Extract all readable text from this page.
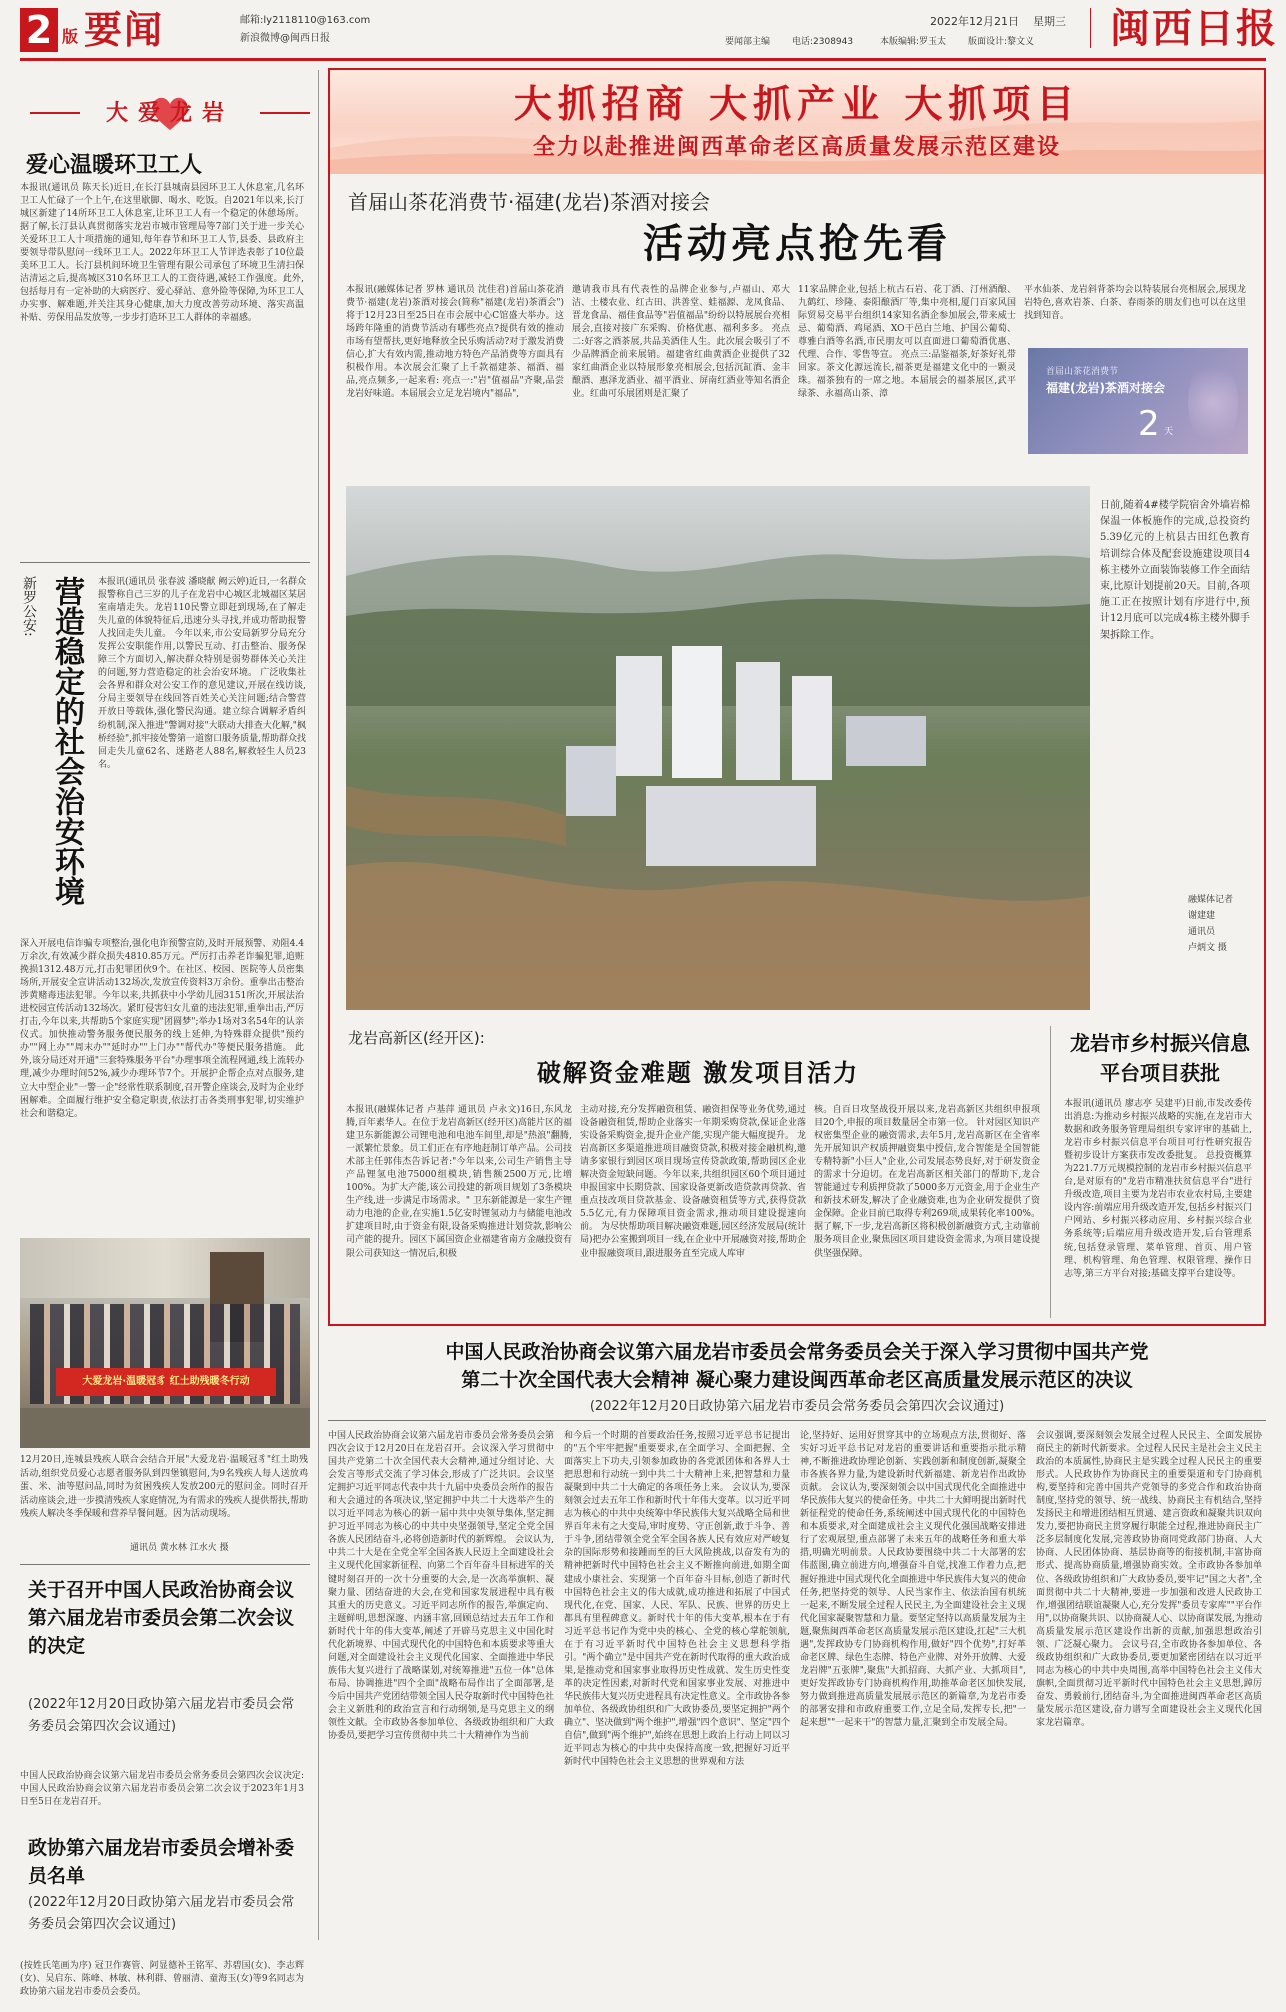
2 版 要闻	邮箱:ly2118110@163.com
新浪微博@闽西日报	要闻部主编 电话:2308943	本版编辑:罗玉太 版面设计:黎文义
2022年12月21日 星期三 闽西日报
大爱龙岩
爱心温暖环卫工人
本报讯(通讯员 陈天长)近日,在长汀县城南县园环卫工人休息室,几名环卫工人忙碌了一个上午,在这里歇脚、喝水、吃饭。自2021年以来,长汀城区新建了14所环卫工人休息室,让环卫工人有一个稳定的休憩场所。 据了解,长汀县认真贯彻落实龙岩市城市管理局等7部门关于进一步关心关爱环卫工人十项措施的通知,每年春节和环卫工人节,县委、县政府主要领导带队慰问一线环卫工人。2022年环卫工人节评选表彰了10位最美环卫工人。长汀县机间环境卫生管理有限公司承包了环境卫生清扫保洁清运之后,提高城区310名环卫工人的工资待遇,减轻工作强度。此外,包括每月有一定补助的大病医疗、爱心驿站、意外险等保障,为环卫工人办实事、解难题,并关注其身心健康,加大力度改善劳动环境、落实高温补贴、劳保用品发放等,一步步打造环卫工人群体的幸福感。
新罗公安: 营造稳定的社会治安环境	本报讯(通讯员 张春波 潘晓献 阙云婷)近日,一名群众报警称自己三岁的儿子在龙岩中心城区北城福区某居室南墙走失。龙岩110民警立即赶到现场,在了解走失儿童的体貌特征后,迅速分头寻找,并成功帮助报警人找回走失儿童。 今年以来,市公安局新罗分局充分发挥公安职能作用,以警民互动、打击整治、服务保障三个方面切入,解决群众特别是弱势群体关心关注的问题,努力营造稳定的社会治安环境。 广泛收集社会各界和群众对公安工作的意见建议,开展在线访谈,分局主要领导在线回答百姓关心关注问题;结合警营开放日等载体,强化警民沟通。建立综合调解矛盾纠纷机制,深入推进"警调对接"大联动大排查大化解,"枫桥经验",抓牢接处警第一道窗口服务质量,帮助群众找回走失儿童62名、迷路老人88名,解救轻生人员23名。
深入开展电信诈骗专项整治,强化电诈预警宣防,及时开展预警、劝阻4.4万余次,有效减少群众损失4810.85万元。严厉打击养老诈骗犯罪,追赃挽损1312.48万元,打击犯罪团伙9个。在社区、校园、医院等人员密集场所,开展安全宣讲活动132场次,发放宣传资料3万余份。重拳出击整治涉黄赌毒违法犯罪。今年以来,共抓获中小学幼儿园3151所次,开展法治进校园宣传活动132场次。紧盯侵害妇女儿童的违法犯罪,重拳出击,严厉打击,今年以来,共帮助5个家庭实现"团圆梦";举办1场对3名54年的认亲仪式。加快推动警务服务便民服务的线上延伸,为特殊群众提供"预约办""网上办""周末办""延时办""上门办""帮代办"等便民服务措施。 此外,该分局还对开通"三套特殊服务平台"办理事项全流程网通,线上流转办理,减少办理时间52%,减少办理环节7个。开展护企帮企点对点服务,建立大中型企业"一警一企"经常性联系制度,召开警企座谈会,及时为企业纾困解难。全面履行维护安全稳定职责,依法打击各类刑事犯罪,切实维护社会和谐稳定。
大爱龙岩·温暖冠豸 红土助残暖冬行动
12月20日,连城县残疾人联合会结合开展"大爱龙岩·温暖冠豸"红土助残活动,组织党员爱心志愿者服务队到四堡镇慰问,为9名残疾人每人送放鸡蛋、米、油等慰问品,同时为贫困残疾人发放200元的慰问金。同时召开活动座谈会,进一步摸清残疾人家庭情况,为有需求的残疾人提供帮扶,帮助残疾人解决冬季保暖和营养早餐问题。因为活动现场。
通讯员 黄水林 江水火 摄
关于召开中国人民政治协商会议第六届龙岩市委员会第二次会议的决定
(2022年12月20日政协第六届龙岩市委员会常务委员会第四次会议通过)
中国人民政治协商会议第六届龙岩市委员会常务委员会第四次会议决定:中国人民政治协商会议第六届龙岩市委员会第二次会议于2023年1月3日至5日在龙岩召开。
政协第六届龙岩市委员会增补委员名单
(2022年12月20日政协第六届龙岩市委员会常务委员会第四次会议通过)
(按姓氏笔画为序) 冠卫作赛管、阿显德补王铭军、苏碧国(女)、李志辉(女)、吴启东、陈峰、林敏、林利群、曾丽清、童海玉(女)等9名同志为政协第六届龙岩市委员会委员。
大抓招商 大抓产业 大抓项目
全力以赴推进闽西革命老区高质量发展示范区建设
首届山茶花消费节·福建(龙岩)茶酒对接会
活动亮点抢先看
本报讯(融媒体记者 罗林 通讯员 沈佳君)首届山茶花消费节·福建(龙岩)茶酒对接会(简称"福建(龙岩)茶酒会")将于12月23日至25日在市会展中心C馆盛大举办。这场跨年隆重的消费节活动有哪些亮点?提供有效的推动市场有望帮扶,更好地释放全民乐购活动?对于激发消费信心,扩大有效内需,推动地方特色产品消费等方面具有积极作用。本次展会汇聚了上千款福建茶、福酒、福品,亮点频多,一起来看: 亮点一:"岩"值福品"齐聚,品尝龙岩好味道。本届展会立足龙岩境内"福品",
邀请我市具有代表性的品牌企业参与,卢福山、邓大洁、土楼农业、红古田、洪善堂、蛙福源、龙凤食品、晋龙食品、福佳食品等"岩值福品"纷纷以特展展台亮相展会,直接对接广东采购、价格优惠、福利多多。 亮点二:好客之酒茶展,共品美酒佳人生。此次展会吸引了不少品牌酒企前来展销。福建省红曲黄酒企业提供了32家红曲酒企业以特展形象亮相展会,包括沉缸酒、金丰酿酒、惠泽龙酒业、福平酒业、屏南红酒业等知名酒企业。红曲可乐展团则是汇聚了
11家品牌企业,包括上杭古石岩、花丁酒、汀州酒酿、九鹤红、珍隆、泰阳酿酒厂等,集中亮相,厦门百家风国际贸易交易平台组织14家知名酒企参加展会,带来威士忌、葡萄酒、鸡尾酒、XO干邑白兰地、护国公葡萄、尊雅白酒等名酒,市民朋友可以直面进口葡萄酒优惠、代理、合作、零售等宣。 亮点三:品鉴福茶,好茶好礼带回家。茶文化源远流长,福茶更是福建文化中的一颗灵珠。福茶独有的一席之地。本届展会的福茶展区,武平绿茶、永福高山茶、漳
平水仙茶、龙岩斜背茶均会以特装展台亮相展会,展现龙岩特色,喜欢岩茶、白茶、春雨茶的朋友们也可以在这里找到知音。
首届山茶花消费节
福建(龙岩)茶酒对接会
2 天
日前,随着4#楼学院宿舍外墙岩棉保温一体板施作的完成,总投资约5.39亿元的上杭县古田红色教育培训综合体及配套设施建设项目4栋主楼外立面装饰装修工作全面结束,比原计划提前20天。目前,各项施工正在按照计划有序进行中,预计12月底可以完成4栋主楼外脚手架拆除工作。
融媒体记者
谢建建
通讯员
卢炳文 摄
龙岩高新区(经开区):
破解资金难题 激发项目活力
本报讯(融媒体记者 卢基萍 通讯员 卢永文)16日,东风龙腾,百年素华人。在位于龙岩高新区(经开区)高能片区的福建卫东新能源公司锂电池和电池车间里,却是"热浪"翻腾,一派繁忙景象。员工们正在有序地赶制订单产品。公司技术部主任郭伟杰告诉记者:"今年以来,公司生产销售主导产品锂氢电池75000组模块,销售额2500万元,比增100%。为扩大产能,该公司投建的新项目规划了3条模块生产线,进一步满足市场需求。" 卫东新能源是一家生产锂动力电池的企业,在实施1.5亿安时锂氢动力与储能电池改扩建项目时,由于资金有限,设备采购推进计划贷款,影响公司产能的提升。园区下属国资企业福建省南方金融投资有限公司获知这一情况后,积极
主动对接,充分发挥融资租赁、融资担保等业务优势,通过设备融资租赁,帮助企业落实一年期采购贷款,保证企业落实设备采购资金,提升企业产能,实现产能大幅度提升。 龙岩高新区多渠道推进项目融资贷款,积极对接金融机构,邀请多家银行到园区项目现场宣传贷款政策,帮助园区企业解决资金短缺问题。今年以来,共组织园区60个项目通过申报国家中长期贷款、国家设备更新改造贷款再贷款、省重点技改项目贷款基金、设备融资租赁等方式,获得贷款5.5亿元,有力保障项目资金需求,推动项目建设提速向前。 为尽快帮助项目解决融资难题,园区经济发展局(统计局)把办公室搬到项目一线,在企业中开展融资对接,帮助企业申报融资项目,跟进服务直至完成人库审
核。自百日攻坚战役开展以来,龙岩高新区共组织申报项目20个,申报的项目数量居全市第一位。 针对园区知识产权密集型企业的融资需求,去年5月,龙岩高新区在全省率先开展知识产权质押融资集中授信,龙合智能是全国智能专精特新"小巨人"企业,公司发展态势良好,对于研发资金的需求十分迫切。在龙岩高新区相关部门的帮助下,龙合智能通过专利质押贷款了5000多万元资金,用于企业生产和新技术研发,解决了企业融资难,也为企业研发提供了资金保障。企业目前已取得专利269项,成果转化率100%。 据了解,下一步,龙岩高新区将积极创新融资方式,主动靠前服务项目企业,聚焦园区项目建设资金需求,为项目建设提供坚强保障。
龙岩市乡村振兴信息平台项目获批
本报讯(通讯员 廖志亭 吴建平)日前,市发改委传出消息:为推动乡村振兴战略的实施,在龙岩市大数据和政务服务管理局组织专家评审的基础上,龙岩市乡村振兴信息平台项目可行性研究报告暨初步设计方案获市发改委批复。 总投资概算为221.7万元规模控制的龙岩市乡村振兴信息平台,是对原有的"龙岩市精准扶贫信息平台"进行升级改造,项目主要为龙岩市农业农村局,主要建设内容:前端应用升级改造开发,包括乡村振兴门户网站、乡村振兴移动应用、乡村振兴综合业务系统等;后端应用升级改造开发,后台管理系统,包括登录管理、菜单管理、首页、用户管理、机构管理、角色管理、权限管理、操作日志等,第三方平台对接;基础支撑平台建设等。
中国人民政治协商会议第六届龙岩市委员会常务委员会关于深入学习贯彻中国共产党
第二十次全国代表大会精神 凝心聚力建设闽西革命老区高质量发展示范区的决议
(2022年12月20日政协第六届龙岩市委员会常务委员会第四次会议通过)
中国人民政治协商会议第六届龙岩市委员会常务委员会第四次会议于12月20日在龙岩召开。会议深入学习贯彻中国共产党第二十次全国代表大会精神,通过分组讨论、大会发言等形式交流了学习体会,形成了广泛共识。会议坚定拥护习近平同志代表中共十九届中央委员会所作的报告和大会通过的各项决议,坚定拥护中共二十大选举产生的以习近平同志为核心的新一届中共中央领导集体,坚定拥护习近平同志为核心的中共中央坚强领导,坚定全党全国各族人民团结奋斗,必将创造新时代的新辉煌。 会议认为,中共二十大是在全党全军全国各族人民迈上全面建设社会主义现代化国家新征程、向第二个百年奋斗目标进军的关键时刻召开的一次十分重要的大会,是一次高举旗帜、凝聚力量、团结奋进的大会,在党和国家发展进程中具有极其重大的历史意义。习近平同志所作的报告,举旗定向、主题鲜明,思想深邃、内涵丰富,回顾总结过去五年工作和新时代十年的伟大变革,阐述了开辟马克思主义中国化时代化新境界、中国式现代化的中国特色和本质要求等重大问题,对全面建设社会主义现代化国家、全面推进中华民族伟大复兴进行了战略谋划,对统筹推进"五位一体"总体布局、协调推进"四个全面"战略布局作出了全面部署,是今后中国共产党团结带领全国人民夺取新时代中国特色社会主义新胜利的政治宣言和行动纲领,是马克思主义的纲领性文献。全市政协各参加单位、各级政协组织和广大政协委员,要把学习宣传贯彻中共二十大精神作为当前
和今后一个时期的首要政治任务,按照习近平总书记提出的"五个牢牢把握"重要要求,在全面学习、全面把握、全面落实上下功夫,引领参加政协的各党派团体和各界人士把思想和行动统一到中共二十大精神上来,把智慧和力量凝聚到中共二十大确定的各项任务上来。 会议认为,要深刻领会过去五年工作和新时代十年伟大变革。以习近平同志为核心的中共中央统筹中华民族伟大复兴战略全局和世界百年未有之大变局,审时度势、守正创新,敢于斗争、善于斗争,团结带领全党全军全国各族人民有效应对严峻复杂的国际形势和接踵而至的巨大风险挑战,以奋发有为的精神把新时代中国特色社会主义不断推向前进,如期全面建成小康社会、实现第一个百年奋斗目标,创造了新时代中国特色社会主义的伟大成就,成功推进和拓展了中国式现代化,在党、国家、人民、军队、民族、世界的历史上都具有里程碑意义。新时代十年的伟大变革,根本在于有习近平总书记作为党中央的核心、全党的核心掌舵领航,在于有习近平新时代中国特色社会主义思想科学指引。"两个确立"是中国共产党在新时代取得的重大政治成果,是推动党和国家事业取得历史性成就、发生历史性变革的决定性因素,对新时代党和国家事业发展、对推进中华民族伟大复兴历史进程具有决定性意义。全市政协各参加单位、各级政协组织和广大政协委员,要坚定拥护"两个确立"、坚决做到"两个维护",增强"四个意识"、坚定"四个自信",做到"两个维护",始终在思想上政治上行动上同以习近平同志为核心的中共中央保持高度一致,把握好习近平新时代中国特色社会主义思想的世界观和方法
论,坚持好、运用好贯穿其中的立场观点方法,贯彻好、落实好习近平总书记对龙岩的重要讲话和重要指示批示精神,不断推进政协理论创新、实践创新和制度创新,凝聚全市各族各界力量,为建设新时代新福建、新龙岩作出政协贡献。 会议认为,要深刻领会以中国式现代化全面推进中华民族伟大复兴的使命任务。中共二十大鲜明提出新时代新征程党的使命任务,系统阐述中国式现代化的中国特色和本质要求,对全面建成社会主义现代化强国战略安排进行了宏观展望,重点部署了未来五年的战略任务和重大举措,明确光明前景。人民政协要围绕中共二十大部署的宏伟蓝图,确立前进方向,增强奋斗自觉,找准工作着力点,把握好推进中国式现代化全面推进中华民族伟大复兴的使命任务,把坚持党的领导、人民当家作主、依法治国有机统一起来,不断发展全过程人民民主,为全面建设社会主义现代化国家凝聚智慧和力量。要坚定坚持以高质量发展为主题,聚焦闽西革命老区高质量发展示范区建设,扛起"三大机遇",发挥政协专门协商机构作用,做好"四个优势",打好革命老区牌、绿色生态牌、特色产业牌、对外开放牌、大爱龙岩牌"五张牌",聚焦"大抓招商、大抓产业、大抓项目",更好发挥政协专门协商机构作用,助推革命老区加快发展,努力做到推进高质量发展展示范区的新篇章,为龙岩市委的部署安排和市政府重要工作,立足全局,发挥专长,把"一起来想""一起来干"的智慧力量,汇聚到全市发展全局。
会议强调,要深刻领会发展全过程人民民主、全面发展协商民主的新时代新要求。全过程人民民主是社会主义民主政治的本质属性,协商民主是实践全过程人民民主的重要形式。人民政协作为协商民主的重要渠道和专门协商机构,要坚持和完善中国共产党领导的多党合作和政治协商制度,坚持党的领导、统一战线、协商民主有机结合,坚持发扬民主和增进团结相互贯通、建言资政和凝聚共识双向发力,要把协商民主贯穿履行职能全过程,推进协商民主广泛多层制度化发展,完善政协协商同党政部门协商、人大协商、人民团体协商、基层协商等的衔接机制,丰富协商形式、提高协商质量,增强协商实效。全市政协各参加单位、各级政协组织和广大政协委员,要牢记"国之大者",全面贯彻中共二十大精神,要进一步加强和改进人民政协工作,增强团结联谊凝聚人心,充分发挥"委员专家库""平台作用",以协商聚共识、以协商凝人心、以协商谋发展,为推动高质量发展示范区建设作出新的贡献,加强思想政治引领、广泛凝心聚力。 会议号召,全市政协各参加单位、各级政协组织和广大政协委员,要更加紧密团结在以习近平同志为核心的中共中央周围,高举中国特色社会主义伟大旗帜,全面贯彻习近平新时代中国特色社会主义思想,踔厉奋发、勇毅前行,团结奋斗,为全面推进闽西革命老区高质量发展示范区建设,奋力谱写全面建设社会主义现代化国家龙岩篇章。
